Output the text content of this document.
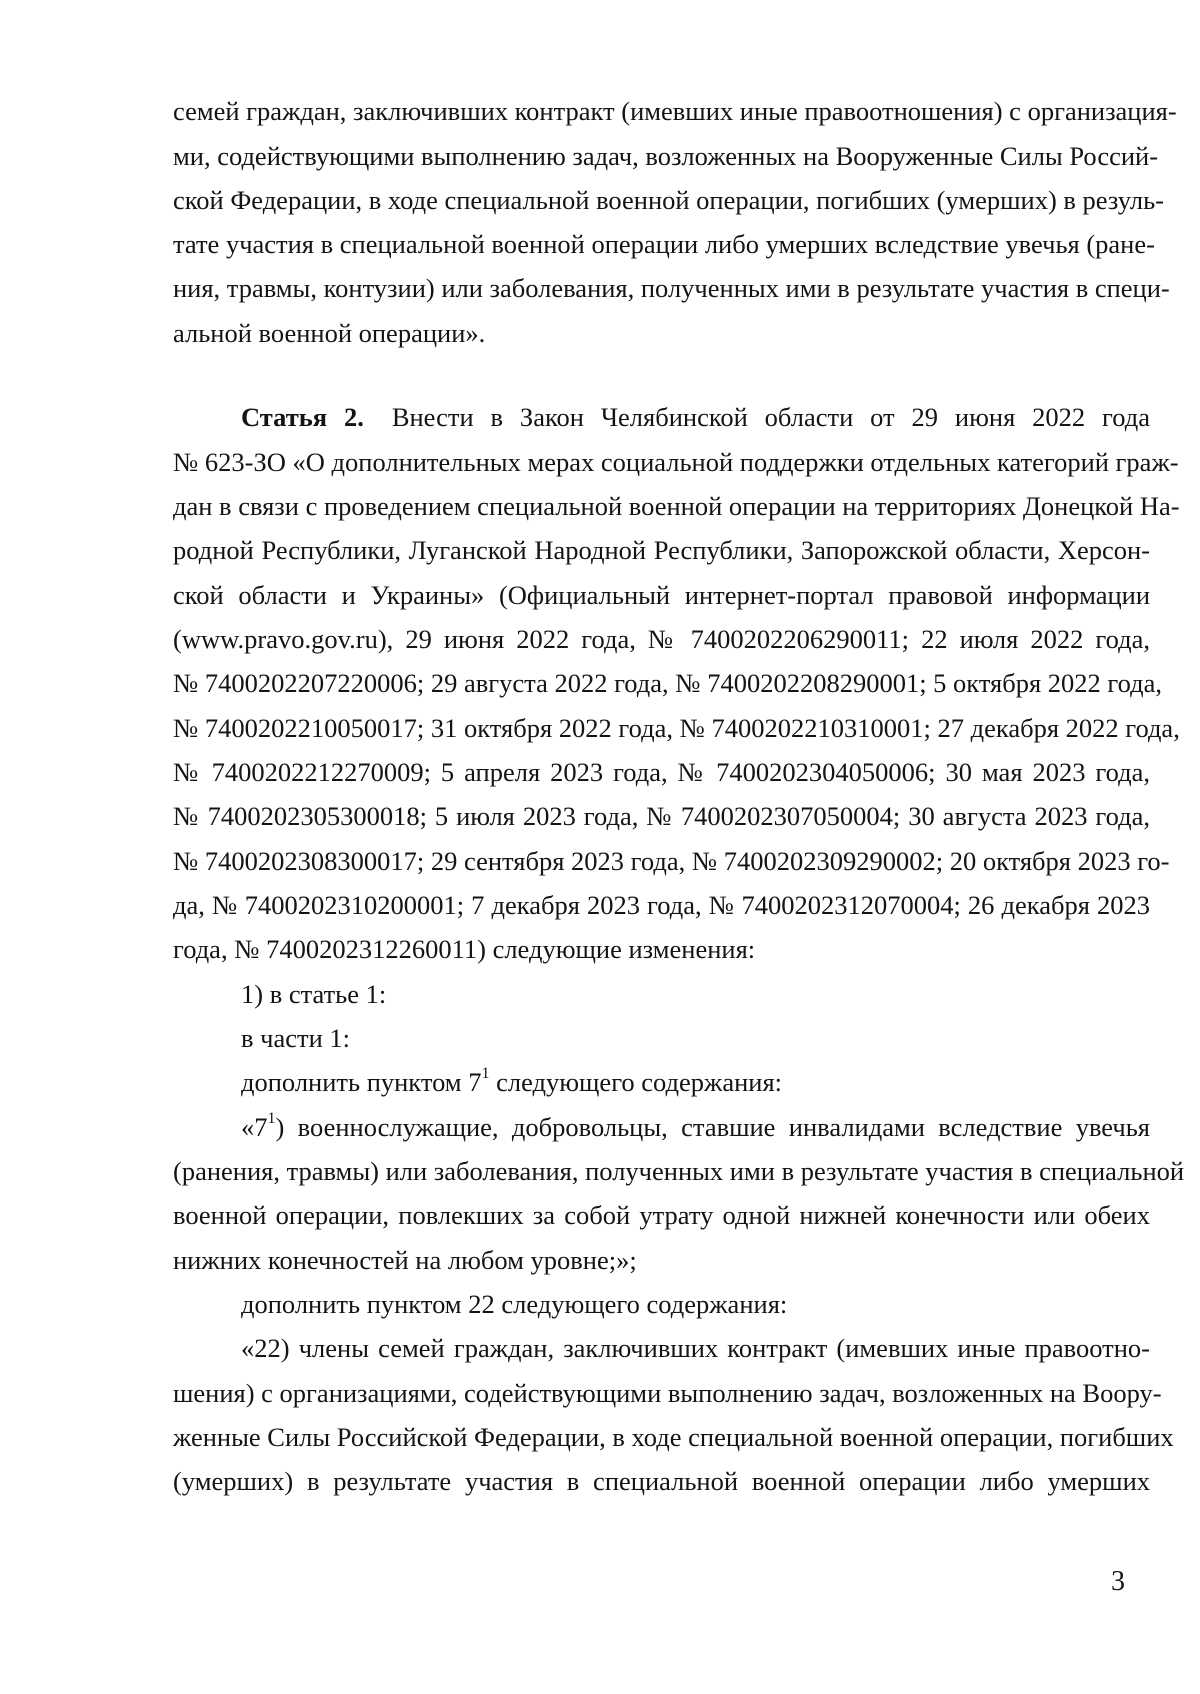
семей граждан, заключивших контракт (имевших иные правоотношения) с организация-
ми, содействующими выполнению задач, возложенных на Вооруженные Силы Россий-
ской Федерации, в ходе специальной военной операции, погибших (умерших) в резуль-
тате участия в специальной военной операции либо умерших вследствие увечья (ране-
ния, травмы, контузии) или заболевания, полученных ими в результате участия в специ-
альной военной операции».
Статья 2. Внести в Закон Челябинской области от 29 июня 2022 года
№ 623-ЗО «О дополнительных мерах социальной поддержки отдельных категорий граж-
дан в связи с проведением специальной военной операции на территориях Донецкой На-
родной Республики, Луганской Народной Республики, Запорожской области, Херсон-
ской области и Украины» (Официальный интернет-портал правовой информации
(www.pravo.gov.ru), 29 июня 2022 года, № 7400202206290011; 22 июля 2022 года,
№ 7400202207220006; 29 августа 2022 года, № 7400202208290001; 5 октября 2022 года,
№ 7400202210050017; 31 октября 2022 года, № 7400202210310001; 27 декабря 2022 года,
№ 7400202212270009; 5 апреля 2023 года, № 7400202304050006; 30 мая 2023 года,
№ 7400202305300018; 5 июля 2023 года, № 7400202307050004; 30 августа 2023 года,
№ 7400202308300017; 29 сентября 2023 года, № 7400202309290002; 20 октября 2023 го-
да, № 7400202310200001; 7 декабря 2023 года, № 7400202312070004; 26 декабря 2023
года, № 7400202312260011) следующие изменения:
1) в статье 1:
в части 1:
дополнить пунктом $7^1$ следующего содержания:
«$7^1$) военнослужащие, добровольцы, ставшие инвалидами вследствие увечья
(ранения, травмы) или заболевания, полученных ими в результате участия в специальной
военной операции, повлекших за собой утрату одной нижней конечности или обеих
нижних конечностей на любом уровне;»;
дополнить пунктом 22 следующего содержания:
«22) члены семей граждан, заключивших контракт (имевших иные правоотно-
шения) с организациями, содействующими выполнению задач, возложенных на Воору-
женные Силы Российской Федерации, в ходе специальной военной операции, погибших
(умерших) в результате участия в специальной военной операции либо умерших
3
